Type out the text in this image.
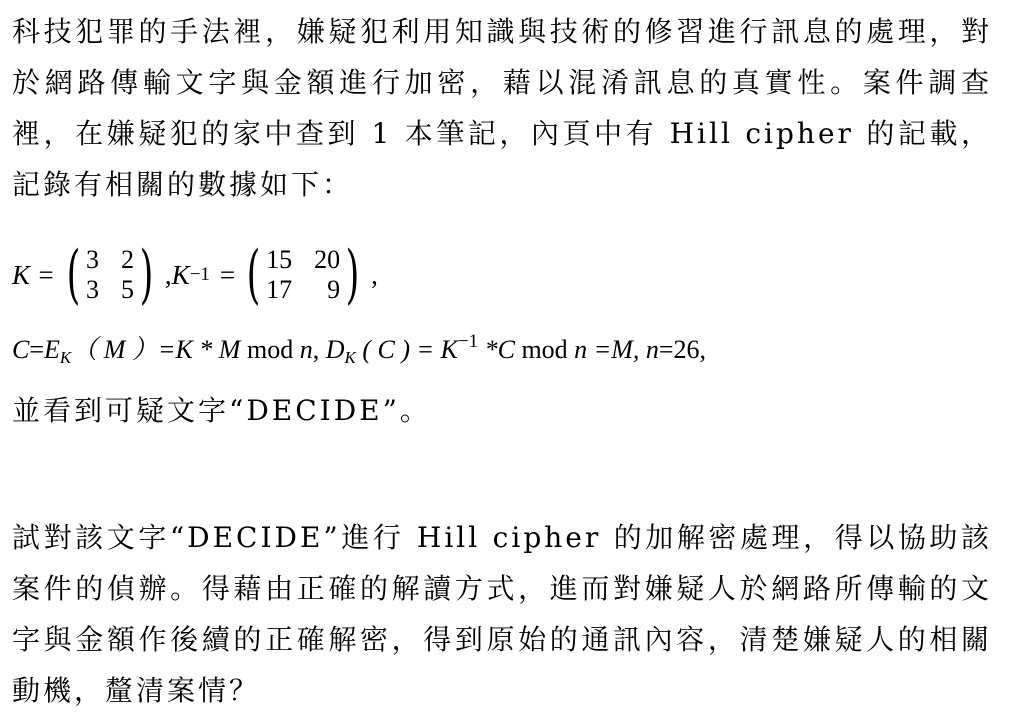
科技犯罪的手法裡，嫌疑犯利用知識與技術的修習進行訊息的處理，對於網路傳輸文字與金額進行加密，藉以混淆訊息的真實性。案件調查裡，在嫌疑犯的家中查到 1 本筆記，內頁中有 Hill cipher 的記載，記錄有相關的數據如下：
K = ( 3 2
3 5 ) , K −1 = ( 15 20
17	9 ) ,
$C=E_K$（ M ）=K * M mod n, $D_K$ ( C ) = $K^{-1}$ *C mod n =M, n=26,
並看到可疑文字“DECIDE”。
試對該文字“DECIDE”進行 Hill cipher 的加解密處理，得以協助該案件的偵辦。得藉由正確的解讀方式，進而對嫌疑人於網路所傳輸的文字與金額作後續的正確解密，得到原始的通訊內容，清楚嫌疑人的相關動機，釐清案情？
